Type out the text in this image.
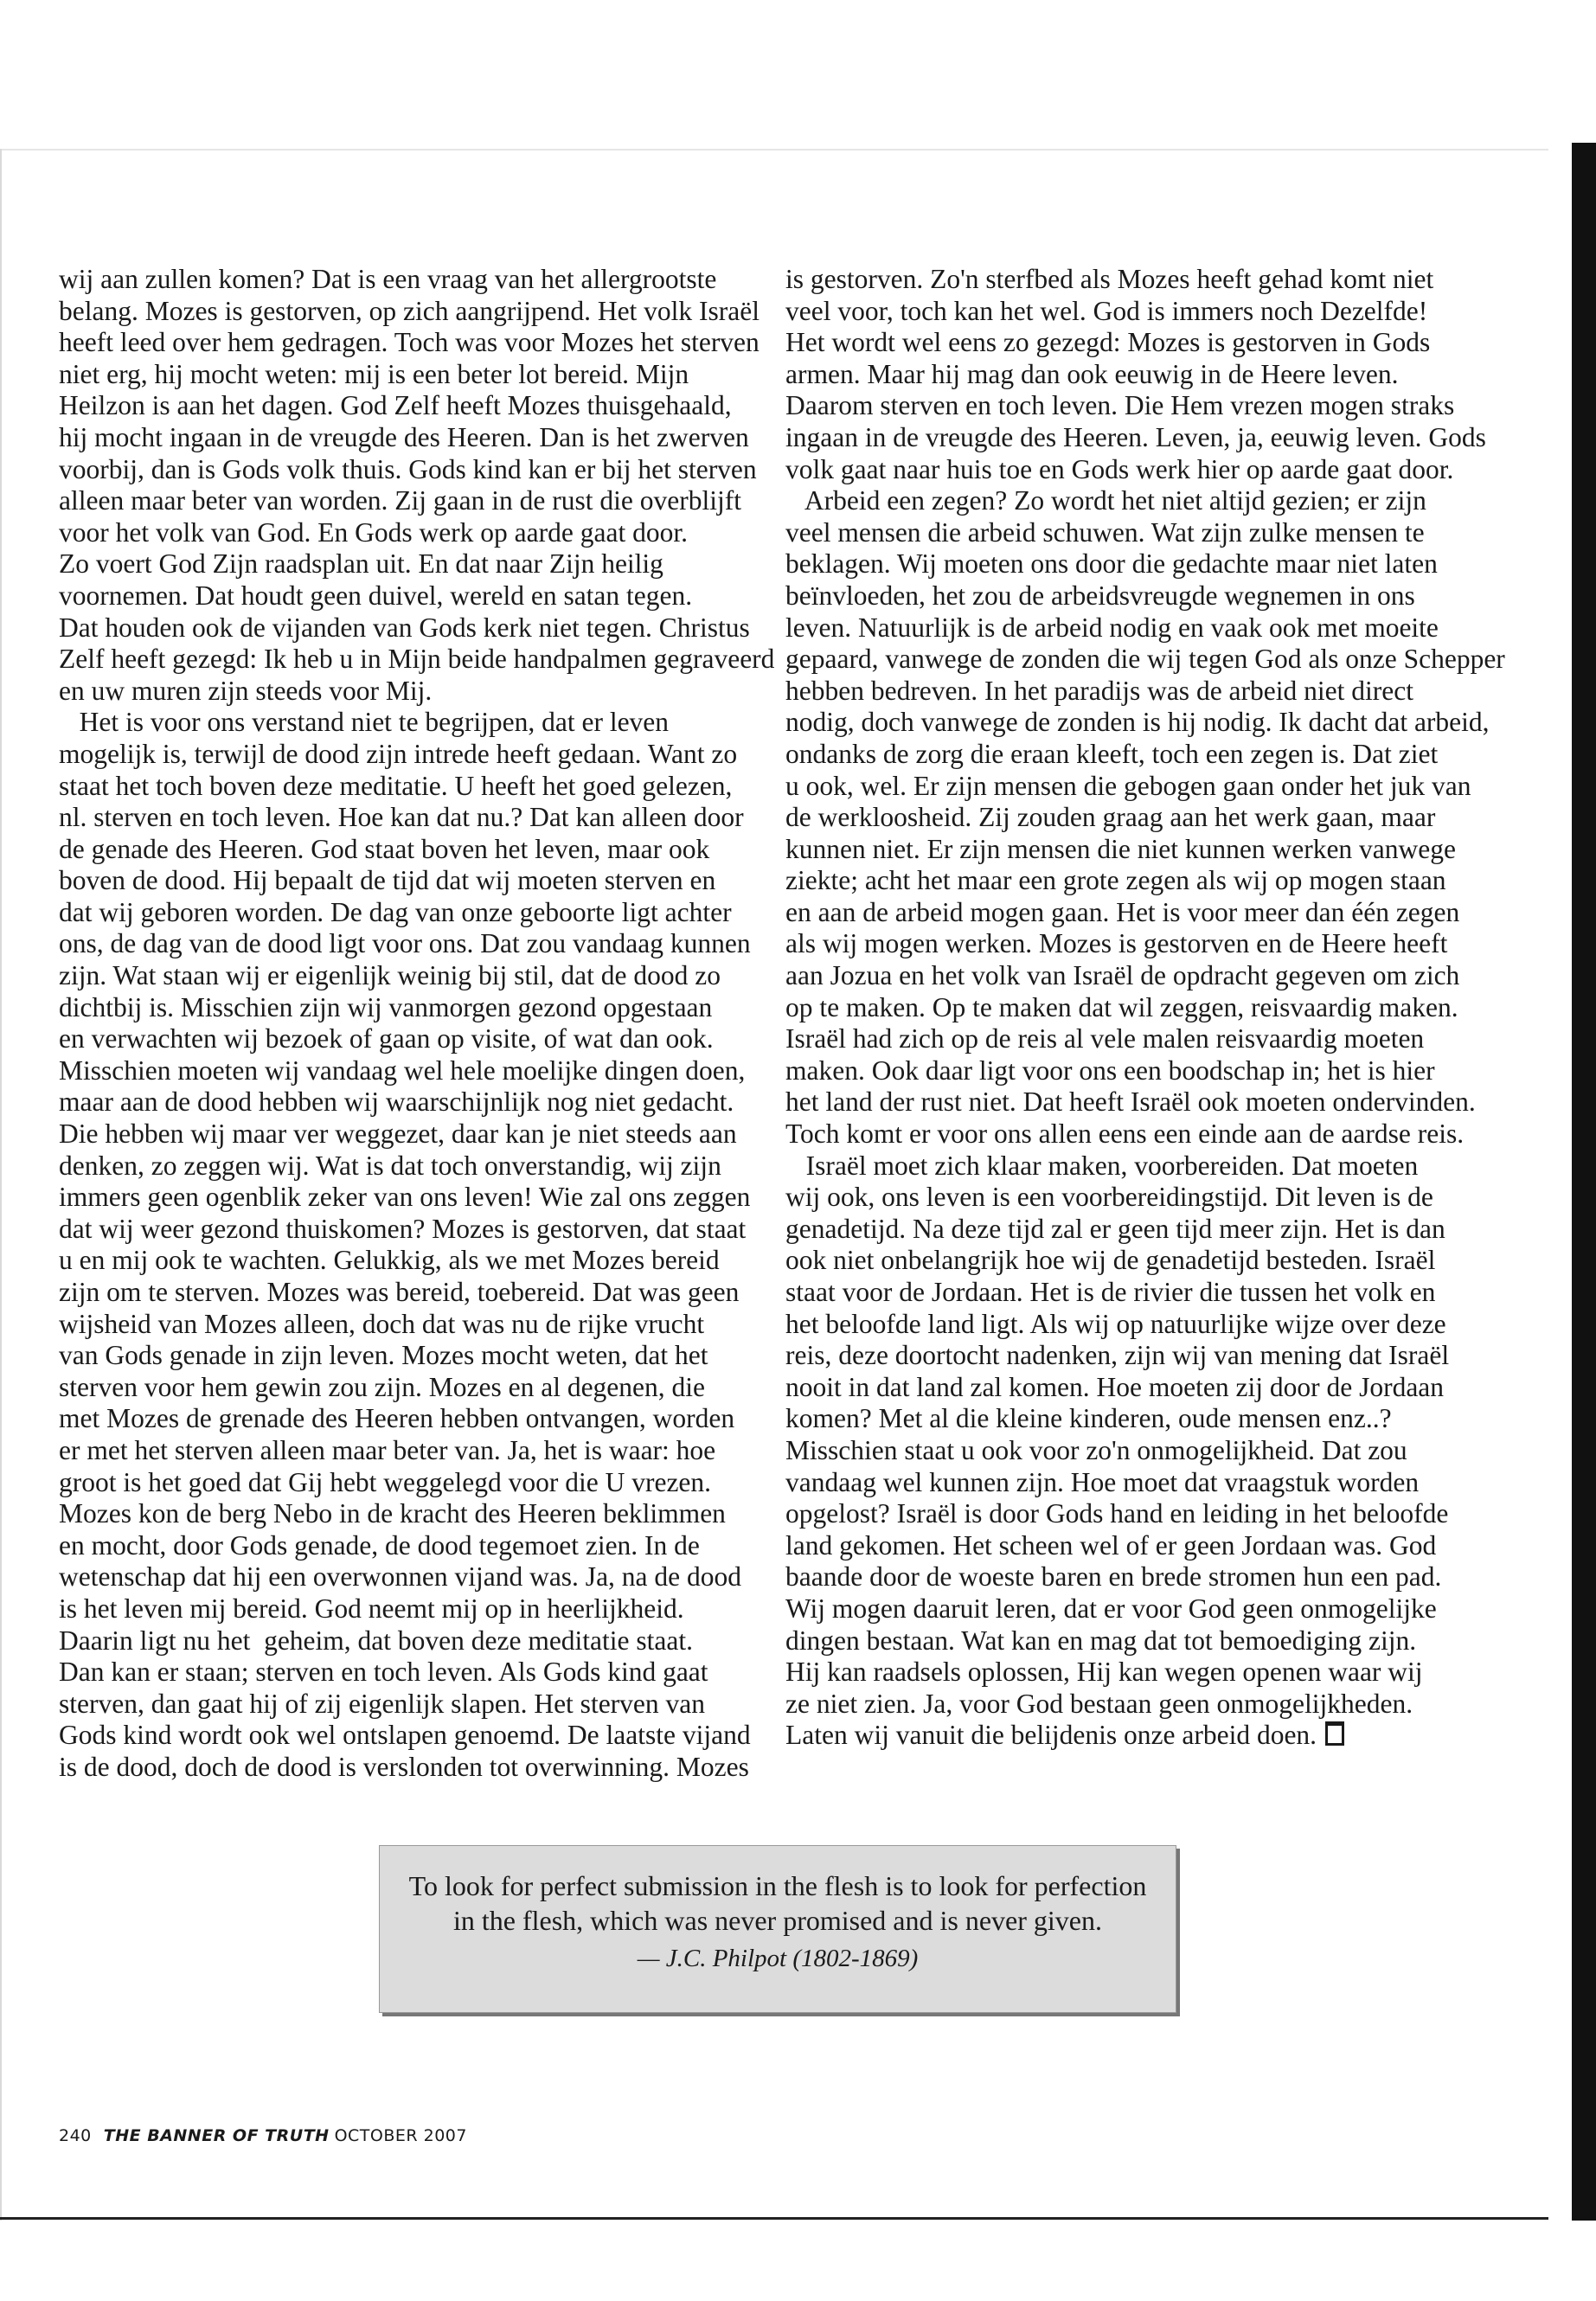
wij aan zullen komen? Dat is een vraag van het allergrootste
belang. Mozes is gestorven, op zich aangrijpend. Het volk Israël
heeft leed over hem gedragen. Toch was voor Mozes het sterven
niet erg, hij mocht weten: mij is een beter lot bereid. Mijn
Heilzon is aan het dagen. God Zelf heeft Mozes thuisgehaald,
hij mocht ingaan in de vreugde des Heeren. Dan is het zwerven
voorbij, dan is Gods volk thuis. Gods kind kan er bij het sterven
alleen maar beter van worden. Zij gaan in de rust die overblijft
voor het volk van God. En Gods werk op aarde gaat door.
Zo voert God Zijn raadsplan uit. En dat naar Zijn heilig
voornemen. Dat houdt geen duivel, wereld en satan tegen.
Dat houden ook de vijanden van Gods kerk niet tegen. Christus
Zelf heeft gezegd: Ik heb u in Mijn beide handpalmen gegraveerd
en uw muren zijn steeds voor Mij.
Het is voor ons verstand niet te begrijpen, dat er leven
mogelijk is, terwijl de dood zijn intrede heeft gedaan. Want zo
staat het toch boven deze meditatie. U heeft het goed gelezen,
nl. sterven en toch leven. Hoe kan dat nu.? Dat kan alleen door
de genade des Heeren. God staat boven het leven, maar ook
boven de dood. Hij bepaalt de tijd dat wij moeten sterven en
dat wij geboren worden. De dag van onze geboorte ligt achter
ons, de dag van de dood ligt voor ons. Dat zou vandaag kunnen
zijn. Wat staan wij er eigenlijk weinig bij stil, dat de dood zo
dichtbij is. Misschien zijn wij vanmorgen gezond opgestaan
en verwachten wij bezoek of gaan op visite, of wat dan ook.
Misschien moeten wij vandaag wel hele moelijke dingen doen,
maar aan de dood hebben wij waarschijnlijk nog niet gedacht.
Die hebben wij maar ver weggezet, daar kan je niet steeds aan
denken, zo zeggen wij. Wat is dat toch onverstandig, wij zijn
immers geen ogenblik zeker van ons leven! Wie zal ons zeggen
dat wij weer gezond thuiskomen? Mozes is gestorven, dat staat
u en mij ook te wachten. Gelukkig, als we met Mozes bereid
zijn om te sterven. Mozes was bereid, toebereid. Dat was geen
wijsheid van Mozes alleen, doch dat was nu de rijke vrucht
van Gods genade in zijn leven. Mozes mocht weten, dat het
sterven voor hem gewin zou zijn. Mozes en al degenen, die
met Mozes de grenade des Heeren hebben ontvangen, worden
er met het sterven alleen maar beter van. Ja, het is waar: hoe
groot is het goed dat Gij hebt weggelegd voor die U vrezen.
Mozes kon de berg Nebo in de kracht des Heeren beklimmen
en mocht, door Gods genade, de dood tegemoet zien. In de
wetenschap dat hij een overwonnen vijand was. Ja, na de dood
is het leven mij bereid. God neemt mij op in heerlijkheid.
Daarin ligt nu het  geheim, dat boven deze meditatie staat.
Dan kan er staan; sterven en toch leven. Als Gods kind gaat
sterven, dan gaat hij of zij eigenlijk slapen. Het sterven van
Gods kind wordt ook wel ontslapen genoemd. De laatste vijand
is de dood, doch de dood is verslonden tot overwinning. Mozes
is gestorven. Zo'n sterfbed als Mozes heeft gehad komt niet
veel voor, toch kan het wel. God is immers noch Dezelfde!
Het wordt wel eens zo gezegd: Mozes is gestorven in Gods
armen. Maar hij mag dan ook eeuwig in de Heere leven.
Daarom sterven en toch leven. Die Hem vrezen mogen straks
ingaan in de vreugde des Heeren. Leven, ja, eeuwig leven. Gods
volk gaat naar huis toe en Gods werk hier op aarde gaat door.
Arbeid een zegen? Zo wordt het niet altijd gezien; er zijn
veel mensen die arbeid schuwen. Wat zijn zulke mensen te
beklagen. Wij moeten ons door die gedachte maar niet laten
beïnvloeden, het zou de arbeidsvreugde wegnemen in ons
leven. Natuurlijk is de arbeid nodig en vaak ook met moeite
gepaard, vanwege de zonden die wij tegen God als onze Schepper
hebben bedreven. In het paradijs was de arbeid niet direct
nodig, doch vanwege de zonden is hij nodig. Ik dacht dat arbeid,
ondanks de zorg die eraan kleeft, toch een zegen is. Dat ziet
u ook, wel. Er zijn mensen die gebogen gaan onder het juk van
de werkloosheid. Zij zouden graag aan het werk gaan, maar
kunnen niet. Er zijn mensen die niet kunnen werken vanwege
ziekte; acht het maar een grote zegen als wij op mogen staan
en aan de arbeid mogen gaan. Het is voor meer dan één zegen
als wij mogen werken. Mozes is gestorven en de Heere heeft
aan Jozua en het volk van Israël de opdracht gegeven om zich
op te maken. Op te maken dat wil zeggen, reisvaardig maken.
Israël had zich op de reis al vele malen reisvaardig moeten
maken. Ook daar ligt voor ons een boodschap in; het is hier
het land der rust niet. Dat heeft Israël ook moeten ondervinden.
Toch komt er voor ons allen eens een einde aan de aardse reis.
Israël moet zich klaar maken, voorbereiden. Dat moeten
wij ook, ons leven is een voorbereidingstijd. Dit leven is de
genadetijd. Na deze tijd zal er geen tijd meer zijn. Het is dan
ook niet onbelangrijk hoe wij de genadetijd besteden. Israël
staat voor de Jordaan. Het is de rivier die tussen het volk en
het beloofde land ligt. Als wij op natuurlijke wijze over deze
reis, deze doortocht nadenken, zijn wij van mening dat Israël
nooit in dat land zal komen. Hoe moeten zij door de Jordaan
komen? Met al die kleine kinderen, oude mensen enz..?
Misschien staat u ook voor zo'n onmogelijkheid. Dat zou
vandaag wel kunnen zijn. Hoe moet dat vraagstuk worden
opgelost? Israël is door Gods hand en leiding in het beloofde
land gekomen. Het scheen wel of er geen Jordaan was. God
baande door de woeste baren en brede stromen hun een pad.
Wij mogen daaruit leren, dat er voor God geen onmogelijke
dingen bestaan. Wat kan en mag dat tot bemoediging zijn.
Hij kan raadsels oplossen, Hij kan wegen openen waar wij
ze niet zien. Ja, voor God bestaan geen onmogelijkheden.
Laten wij vanuit die belijdenis onze arbeid doen.
To look for perfect submission in the flesh is to look for perfection
in the flesh, which was never promised and is never given.
— J.C. Philpot (1802-1869)
240 THE BANNER OF TRUTH OCTOBER 2007
